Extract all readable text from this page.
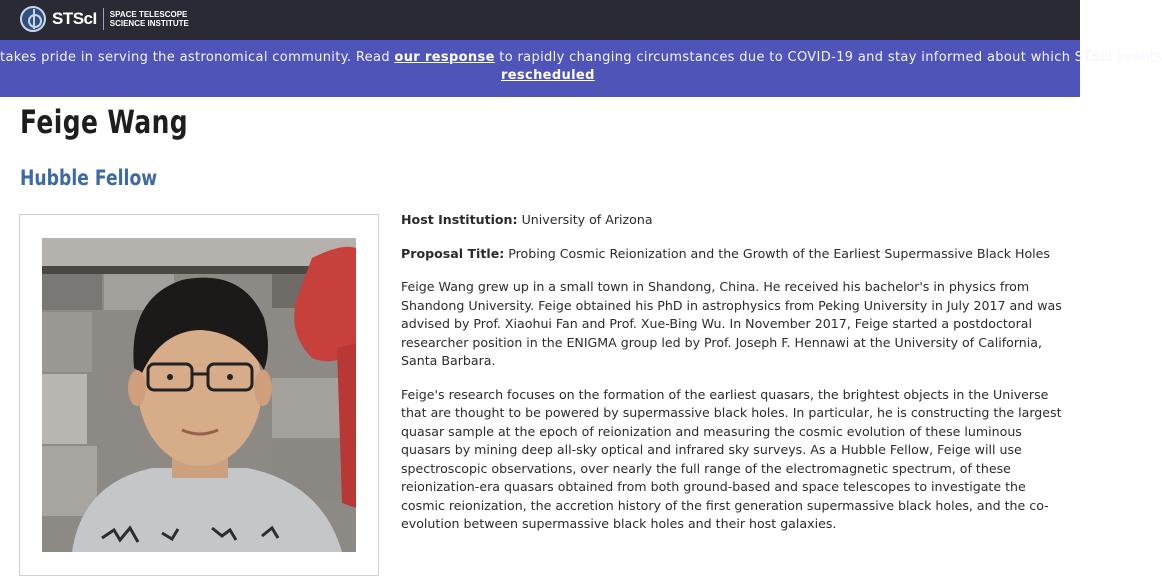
STScI SPACE TELESCOPE
SCIENCE INSTITUTE
takes pride in serving the astronomical community. Read our response to rapidly changing circumstances due to COVID-19 and stay informed about which STScI events
rescheduled
Feige Wang
Hubble Fellow

Host Institution: University of Arizona

Proposal Title: Probing Cosmic Reionization and the Growth of the Earliest Supermassive Black Holes

Feige Wang grew up in a small town in Shandong, China. He received his bachelor's in physics from Shandong University. Feige obtained his PhD in astrophysics from Peking University in July 2017 and was advised by Prof. Xiaohui Fan and Prof. Xue-Bing Wu. In November 2017, Feige started a postdoctoral researcher position in the ENIGMA group led by Prof. Joseph F. Hennawi at the University of California, Santa Barbara.

Feige's research focuses on the formation of the earliest quasars, the brightest objects in the Universe that are thought to be powered by supermassive black holes. In particular, he is constructing the largest quasar sample at the epoch of reionization and measuring the cosmic evolution of these luminous quasars by mining deep all-sky optical and infrared sky surveys. As a Hubble Fellow, Feige will use spectroscopic observations, over nearly the full range of the electromagnetic spectrum, of these reionization-era quasars obtained from both ground-based and space telescopes to investigate the cosmic reionization, the accretion history of the first generation supermassive black holes, and the co-evolution between supermassive black holes and their host galaxies.
